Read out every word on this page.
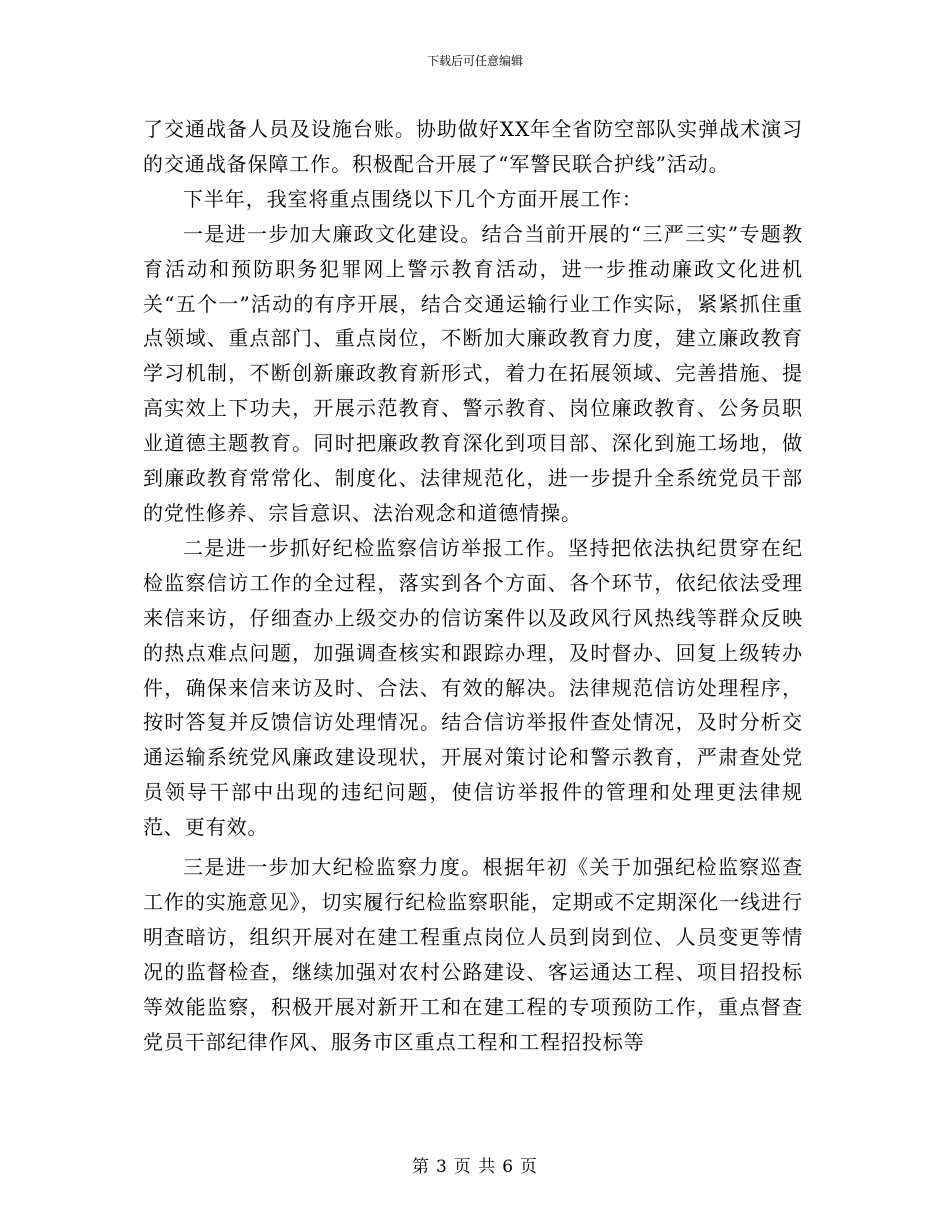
下载后可任意编辑

了交通战备人员及设施台账。协助做好XX年全省防空部队实弹战术演习的交通战备保障工作。积极配合开展了“军警民联合护线”活动。

下半年，我室将重点围绕以下几个方面开展工作：

一是进一步加大廉政文化建设。结合当前开展的“三严三实”专题教育活动和预防职务犯罪网上警示教育活动，进一步推动廉政文化进机关“五个一”活动的有序开展，结合交通运输行业工作实际，紧紧抓住重点领域、重点部门、重点岗位，不断加大廉政教育力度，建立廉政教育学习机制，不断创新廉政教育新形式，着力在拓展领域、完善措施、提高实效上下功夫，开展示范教育、警示教育、岗位廉政教育、公务员职业道德主题教育。同时把廉政教育深化到项目部、深化到施工场地，做到廉政教育常常化、制度化、法律规范化，进一步提升全系统党员干部的党性修养、宗旨意识、法治观念和道德情操。

二是进一步抓好纪检监察信访举报工作。坚持把依法执纪贯穿在纪检监察信访工作的全过程，落实到各个方面、各个环节，依纪依法受理来信来访，仔细查办上级交办的信访案件以及政风行风热线等群众反映的热点难点问题，加强调查核实和跟踪办理，及时督办、回复上级转办件，确保来信来访及时、合法、有效的解决。法律规范信访处理程序，按时答复并反馈信访处理情况。结合信访举报件查处情况，及时分析交通运输系统党风廉政建设现状，开展对策讨论和警示教育，严肃查处党员领导干部中出现的违纪问题，使信访举报件的管理和处理更法律规范、更有效。

三是进一步加大纪检监察力度。根据年初《关于加强纪检监察巡查工作的实施意见》，切实履行纪检监察职能，定期或不定期深化一线进行明查暗访，组织开展对在建工程重点岗位人员到岗到位、人员变更等情况的监督检查，继续加强对农村公路建设、客运通达工程、项目招投标等效能监察，积极开展对新开工和在建工程的专项预防工作，重点督查党员干部纪律作风、服务市区重点工程和工程招投标等

第 3 页 共 6 页
